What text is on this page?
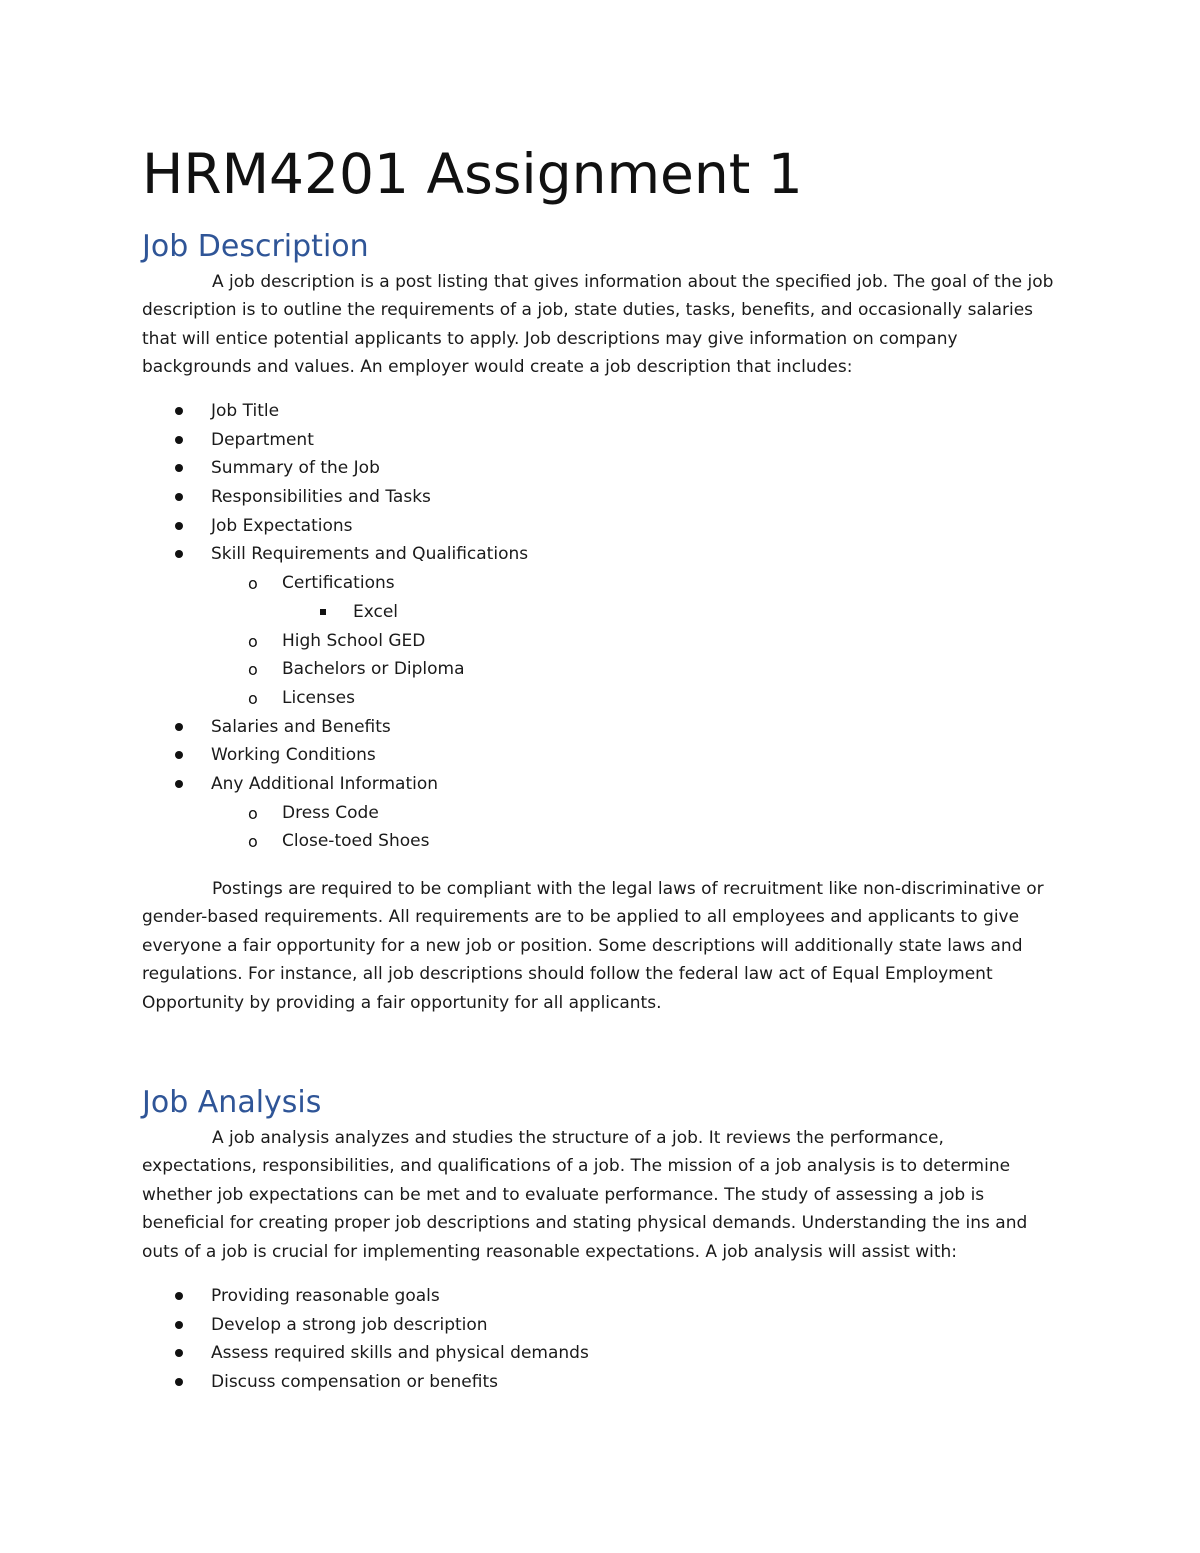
HRM4201 Assignment 1
Job Description

A job description is a post listing that gives information about the specified job. The goal of the job description is to outline the requirements of a job, state duties, tasks, benefits, and occasionally salaries that will entice potential applicants to apply. Job descriptions may give information on company backgrounds and values. An employer would create a job description that includes:

Job Title
Department
Summary of the Job
Responsibilities and Tasks
Job Expectations
Skill Requirements and Qualifications
o Certifications
Excel
o High School GED
o Bachelors or Diploma
o Licenses
Salaries and Benefits
Working Conditions
Any Additional Information
o Dress Code
o Close-toed Shoes

Postings are required to be compliant with the legal laws of recruitment like non-discriminative or gender-based requirements. All requirements are to be applied to all employees and applicants to give everyone a fair opportunity for a new job or position. Some descriptions will additionally state laws and regulations. For instance, all job descriptions should follow the federal law act of Equal Employment Opportunity by providing a fair opportunity for all applicants.

Job Analysis

A job analysis analyzes and studies the structure of a job. It reviews the performance, expectations, responsibilities, and qualifications of a job. The mission of a job analysis is to determine whether job expectations can be met and to evaluate performance. The study of assessing a job is beneficial for creating proper job descriptions and stating physical demands. Understanding the ins and outs of a job is crucial for implementing reasonable expectations. A job analysis will assist with:

Providing reasonable goals
Develop a strong job description
Assess required skills and physical demands
Discuss compensation or benefits
